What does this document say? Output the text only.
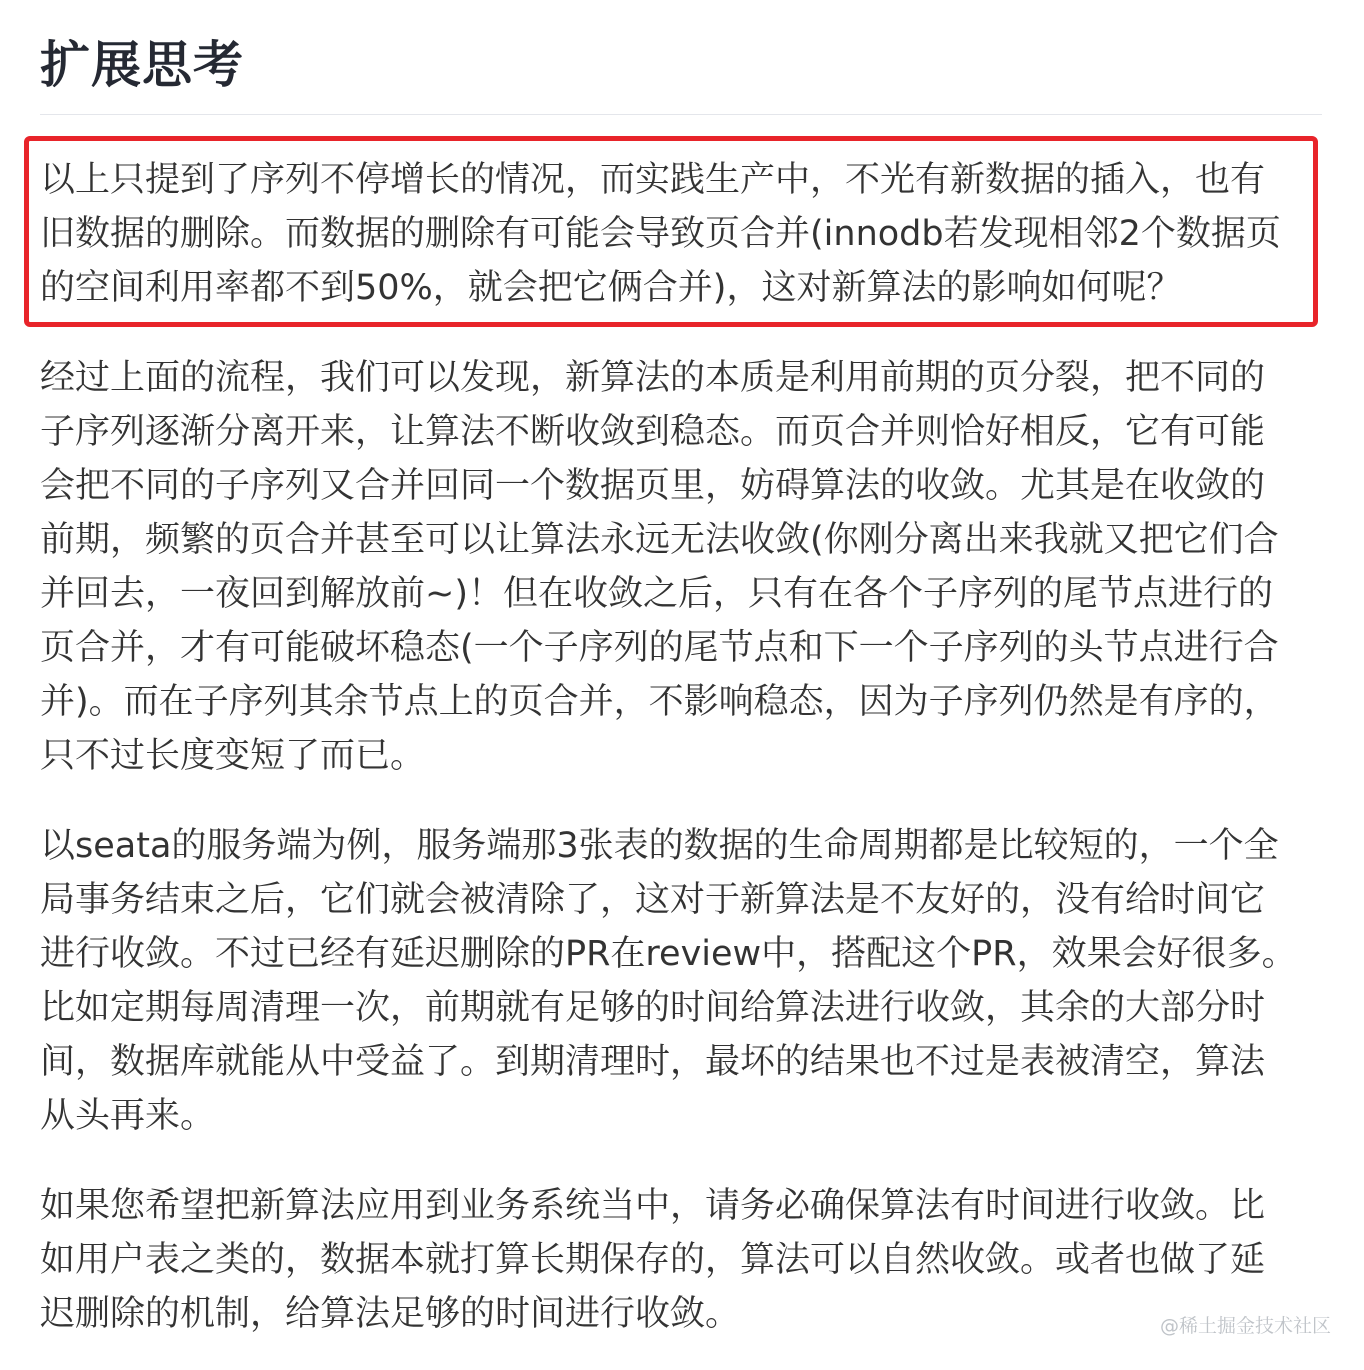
扩展思考
以上只提到了序列不停增长的情况，而实践生产中，不光有新数据的插入，也有
旧数据的删除。而数据的删除有可能会导致页合并(innodb若发现相邻2个数据页
的空间利用率都不到50%，就会把它俩合并)，这对新算法的影响如何呢？
经过上面的流程，我们可以发现，新算法的本质是利用前期的页分裂，把不同的
子序列逐渐分离开来，让算法不断收敛到稳态。而页合并则恰好相反，它有可能
会把不同的子序列又合并回同一个数据页里，妨碍算法的收敛。尤其是在收敛的
前期，频繁的页合并甚至可以让算法永远无法收敛(你刚分离出来我就又把它们合
并回去，一夜回到解放前~)！但在收敛之后，只有在各个子序列的尾节点进行的
页合并，才有可能破坏稳态(一个子序列的尾节点和下一个子序列的头节点进行合
并)。而在子序列其余节点上的页合并，不影响稳态，因为子序列仍然是有序的，
只不过长度变短了而已。
以seata的服务端为例，服务端那3张表的数据的生命周期都是比较短的，一个全
局事务结束之后，它们就会被清除了，这对于新算法是不友好的，没有给时间它
进行收敛。不过已经有延迟删除的PR在review中，搭配这个PR，效果会好很多。
比如定期每周清理一次，前期就有足够的时间给算法进行收敛，其余的大部分时
间，数据库就能从中受益了。到期清理时，最坏的结果也不过是表被清空，算法
从头再来。
如果您希望把新算法应用到业务系统当中，请务必确保算法有时间进行收敛。比
如用户表之类的，数据本就打算长期保存的，算法可以自然收敛。或者也做了延
迟删除的机制，给算法足够的时间进行收敛。	@稀土掘金技术社区
